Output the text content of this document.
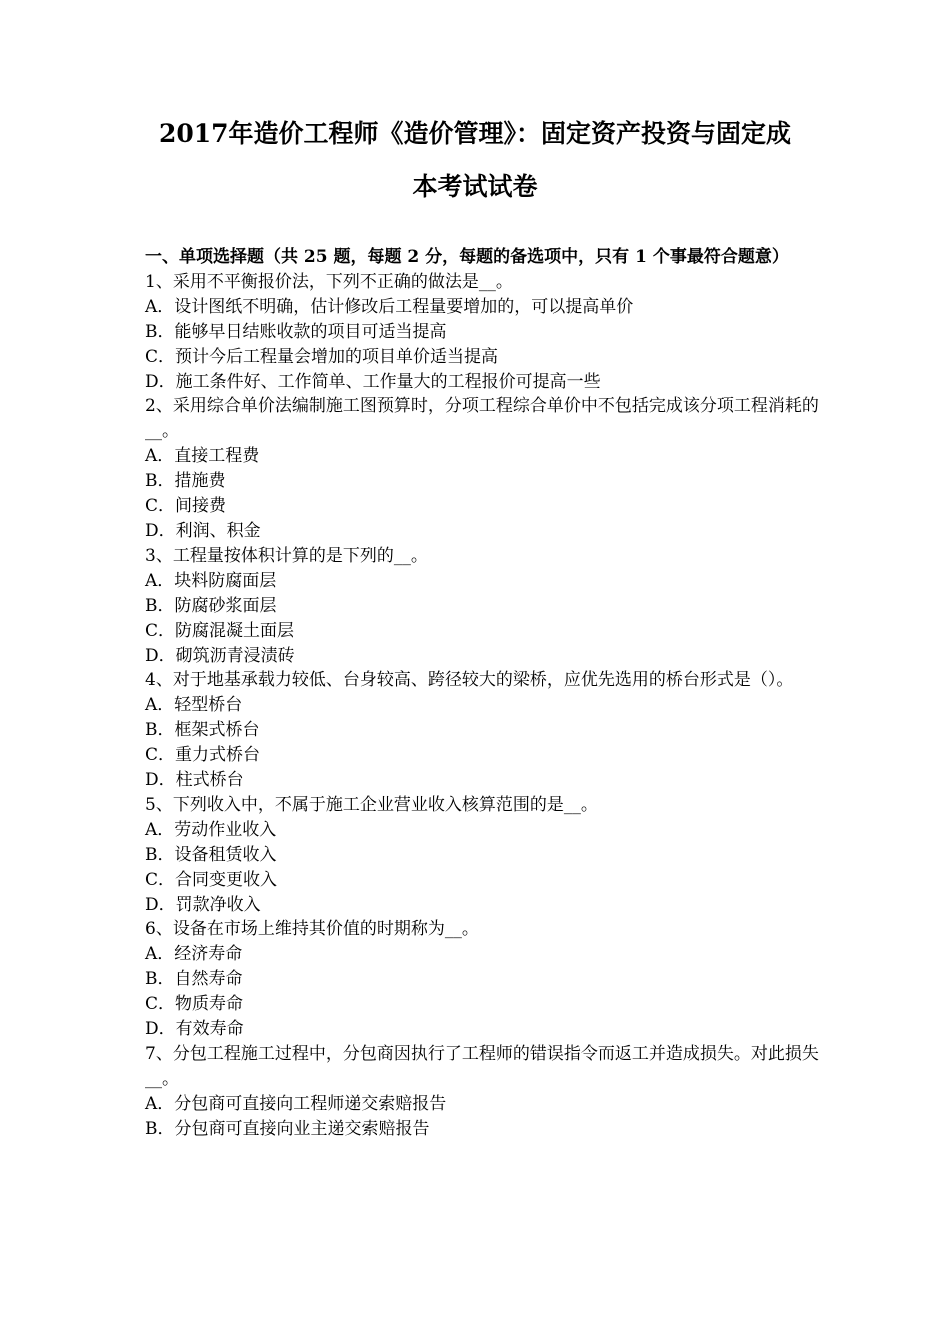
2017年造价工程师《造价管理》：固定资产投资与固定成
本考试试卷

一、单项选择题（共 25 题，每题 2 分，每题的备选项中，只有 1 个事最符合题意）

1、采用不平衡报价法，下列不正确的做法是__。

A．设计图纸不明确，估计修改后工程量要增加的，可以提高单价

B．能够早日结账收款的项目可适当提高

C．预计今后工程量会增加的项目单价适当提高

D．施工条件好、工作简单、工作量大的工程报价可提高一些

2、采用综合单价法编制施工图预算时，分项工程综合单价中不包括完成该分项工程消耗的__。

A．直接工程费

B．措施费

C．间接费

D．利润、积金

3、工程量按体积计算的是下列的__。

A．块料防腐面层

B．防腐砂浆面层

C．防腐混凝土面层

D．砌筑沥青浸渍砖

4、对于地基承载力较低、台身较高、跨径较大的梁桥，应优先选用的桥台形式是（）。

A．轻型桥台

B．框架式桥台

C．重力式桥台

D．柱式桥台

5、下列收入中，不属于施工企业营业收入核算范围的是__。

A．劳动作业收入

B．设备租赁收入

C．合同变更收入

D．罚款净收入

6、设备在市场上维持其价值的时期称为__。

A．经济寿命

B．自然寿命

C．物质寿命

D．有效寿命

7、分包工程施工过程中，分包商因执行了工程师的错误指令而返工并造成损失。对此损失__。

A．分包商可直接向工程师递交索赔报告

B．分包商可直接向业主递交索赔报告
